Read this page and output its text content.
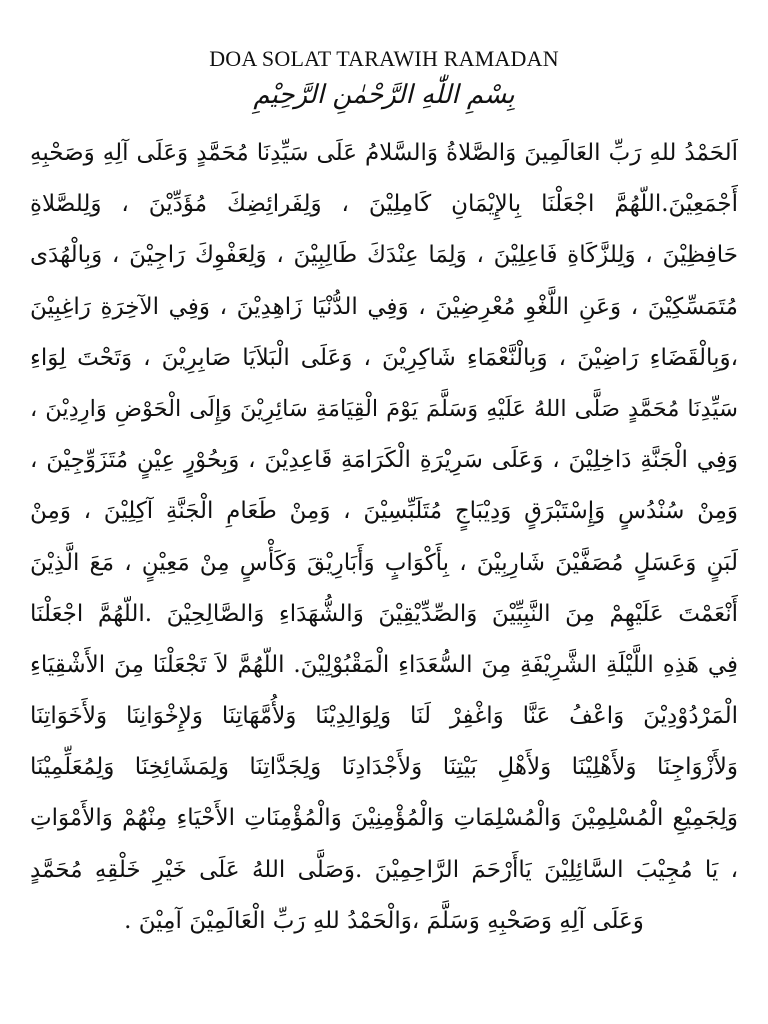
DOA SOLAT TARAWIH RAMADAN
بِسْمِ اللّٰهِ الرَّحْمٰنِ الرَّحِيْمِ
اَلحَمْدُ للهِ رَبِّ العَالَمِينَ وَالصَّلاةُ وَالسَّلامُ عَلَى سَيِّدِنَا مُحَمَّدٍ وَعَلَى آلِهِ وَصَحْبِهِ
أَجْمَعِيْنَ.اللّهُمَّ اجْعَلْنَا بِالإِيْمَانِ كَامِلِيْنَ ، وَلِفَرائِضِكَ مُؤَدِّيْنَ ، وَلِلصَّلاةِ
حَافِظِيْنَ ، وَلِلزَّكَاةِ فَاعِلِيْنَ ، وَلِمَا عِنْدَكَ طَالِبِيْنَ ، وَلِعَفْوِكَ رَاجِيْنَ ، وَبِالْهُدَى
مُتَمَسِّكِيْنَ ، وَعَنِ اللَّغْوِ مُعْرِضِيْنَ ، وَفِي الدُّنْيَا زَاهِدِيْنَ ، وَفِي الآخِرَةِ رَاغِبِيْنَ
،وَبِالْقَضَاءِ رَاضِيْنَ ، وَبِالْنَّعْمَاءِ شَاكِرِيْنَ ، وَعَلَى الْبَلاَيَا صَابِرِيْنَ ، وَتَحْتَ لِوَاءِ
سَيِّدِنَا مُحَمَّدٍ صَلَّى اللهُ عَلَيْهِ وَسَلَّمَ يَوْمَ الْقِيَامَةِ سَائِرِيْنَ وَإِلَى الْحَوْضِ وَارِدِيْنَ ،
وَفِي الْجَنَّةِ دَاخِلِيْنَ ، وَعَلَى سَرِيْرَةِ الْكَرَامَةِ قَاعِدِيْنَ ، وَبِحُوْرٍ عِيْنٍ مُتَزَوِّجِيْنَ ،
وَمِنْ سُنْدُسٍ وَإِسْتَبْرَقٍ وَدِيْبَاجٍ مُتَلَبِّسِيْنَ ، وَمِنْ طَعَامِ الْجَنَّةِ آكِلِيْنَ ، وَمِنْ
لَبَنٍ وَعَسَلٍ مُصَفَّيْنَ شَارِبِيْنَ ، بِأَكْوَابٍ وَأَبَارِيْقَ وَكَأْسٍ مِنْ مَعِيْنٍ ، مَعَ الَّذِيْنَ
أَنْعَمْتَ عَلَيْهِمْ مِنَ النَّبِيِّيْنَ وَالصِّدِّيْقِيْنَ وَالشُّهَدَاءِ وَالصَّالِحِيْنَ .اللّهُمَّ اجْعَلْنَا
فِي هَذِهِ اللَّيْلَةِ الشَّرِيْفَةِ مِنَ السُّعَدَاءِ الْمَقْبُوْلِيْنَ. اللّهُمَّ لاَ تَجْعَلْنَا مِنَ الأَشْقِيَاءِ
الْمَرْدُوْدِيْنَ وَاعْفُ عَنَّا وَاغْفِرْ لَنَا وَلِوَالِدِيْنَا وَلأُمَّهَاتِنَا وَلإِخْوَانِنَا وَلأَخَوَاتِنَا
وَلأَزْوَاجِنَا وَلأَهْلِيْنَا وَلأَهْلِ بَيْتِنَا وَلأَجْدَادِنَا وَلِجَدَّاتِنَا وَلِمَشَائِخِنَا وَلِمُعَلِّمِيْنَا
وَلِجَمِيْعِ الْمُسْلِمِيْنَ وَالْمُسْلِمَاتِ وَالْمُؤْمِنِيْنَ وَالْمُؤْمِنَاتِ الأَحْيَاءِ مِنْهُمْ وَالأَمْوَاتِ
، يَا مُجِيْبَ السَّائِلِيْنَ يَاأَرْحَمَ الرَّاحِمِيْنَ .وَصَلَّى اللهُ عَلَى خَيْرِ خَلْقِهِ مُحَمَّدٍ
وَعَلَى آلِهِ وَصَحْبِهِ وَسَلَّمَ ،وَالْحَمْدُ للهِ رَبِّ الْعَالَمِيْنَ آمِيْنَ .
